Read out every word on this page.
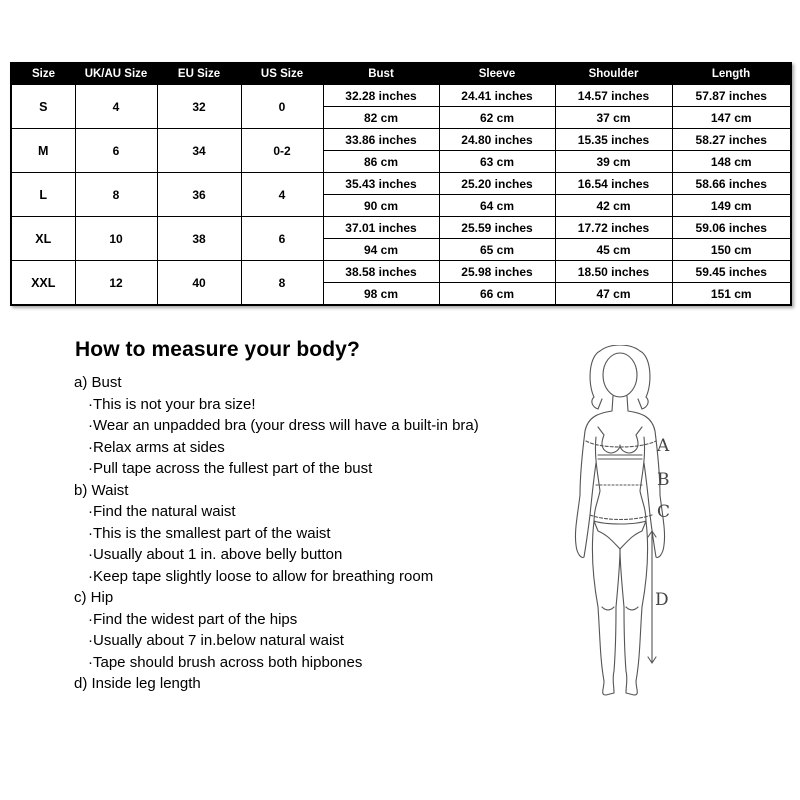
Size	UK/AU Size	EU Size	US Size	Bust	Sleeve	Shoulder	Length
S	4	32	0	32.28 inches	24.41 inches	14.57 inches	57.87 inches
				82 cm	62 cm	37 cm	147 cm
M	6	34	0-2	33.86 inches	24.80 inches	15.35 inches	58.27 inches
				86 cm	63 cm	39 cm	148 cm
L	8	36	4	35.43 inches	25.20 inches	16.54 inches	58.66 inches
				90 cm	64 cm	42 cm	149 cm
XL	10	38	6	37.01 inches	25.59 inches	17.72 inches	59.06 inches
				94 cm	65 cm	45 cm	150 cm
XXL	12	40	8	38.58 inches	25.98 inches	18.50 inches	59.45 inches
				98 cm	66 cm	47 cm	151 cm
How to measure your body?
a) Bust
·This is not your bra size!
·Wear an unpadded bra (your dress will have a built-in bra)
·Relax arms at sides
·Pull tape across the fullest part of the bust
b) Waist
·Find the natural waist
·This is the smallest part of the waist
·Usually about 1 in. above belly button
·Keep tape slightly loose to allow for breathing room
c) Hip
·Find the widest part of the hips
·Usually about 7 in.below natural waist
·Tape should brush across both hipbones
d) Inside leg length
A
B
C
D
